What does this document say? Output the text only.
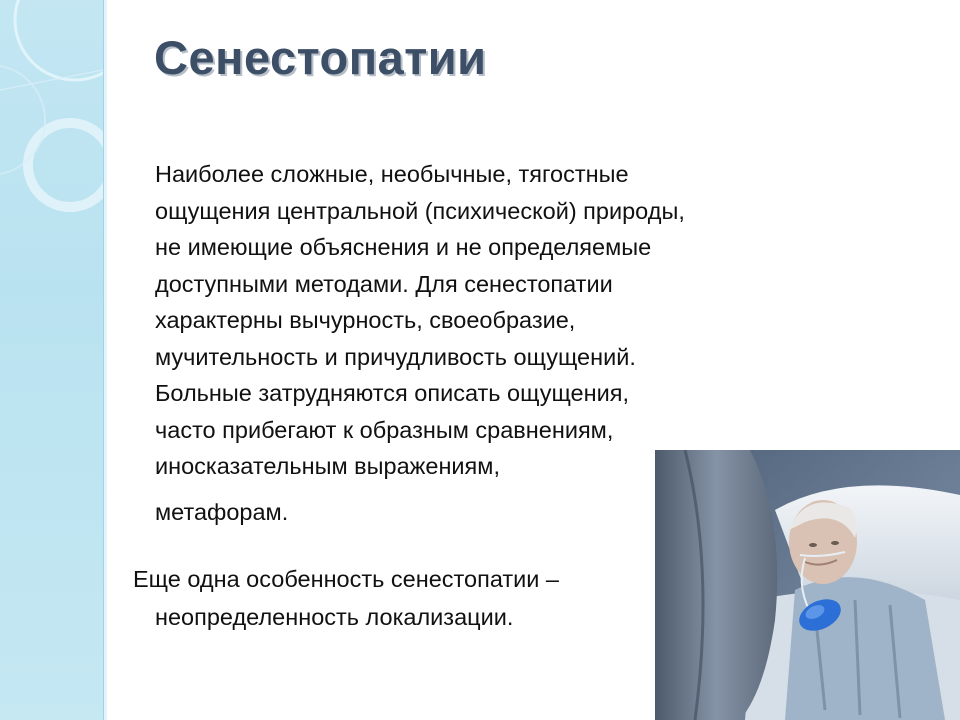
Сенестопатии

Наиболее сложные, необычные, тягостные
ощущения центральной (психической) природы,
не имеющие объяснения и не определяемые
доступными методами. Для сенестопатии
характерны вычурность, своеобразие,
мучительность и причудливость ощущений.
Больные затрудняются описать ощущения,
часто прибегают к образным сравнениям,
иносказательным выражениям,
метафорам.

Еще одна особенность сенестопатии –
неопределенность локализации.
